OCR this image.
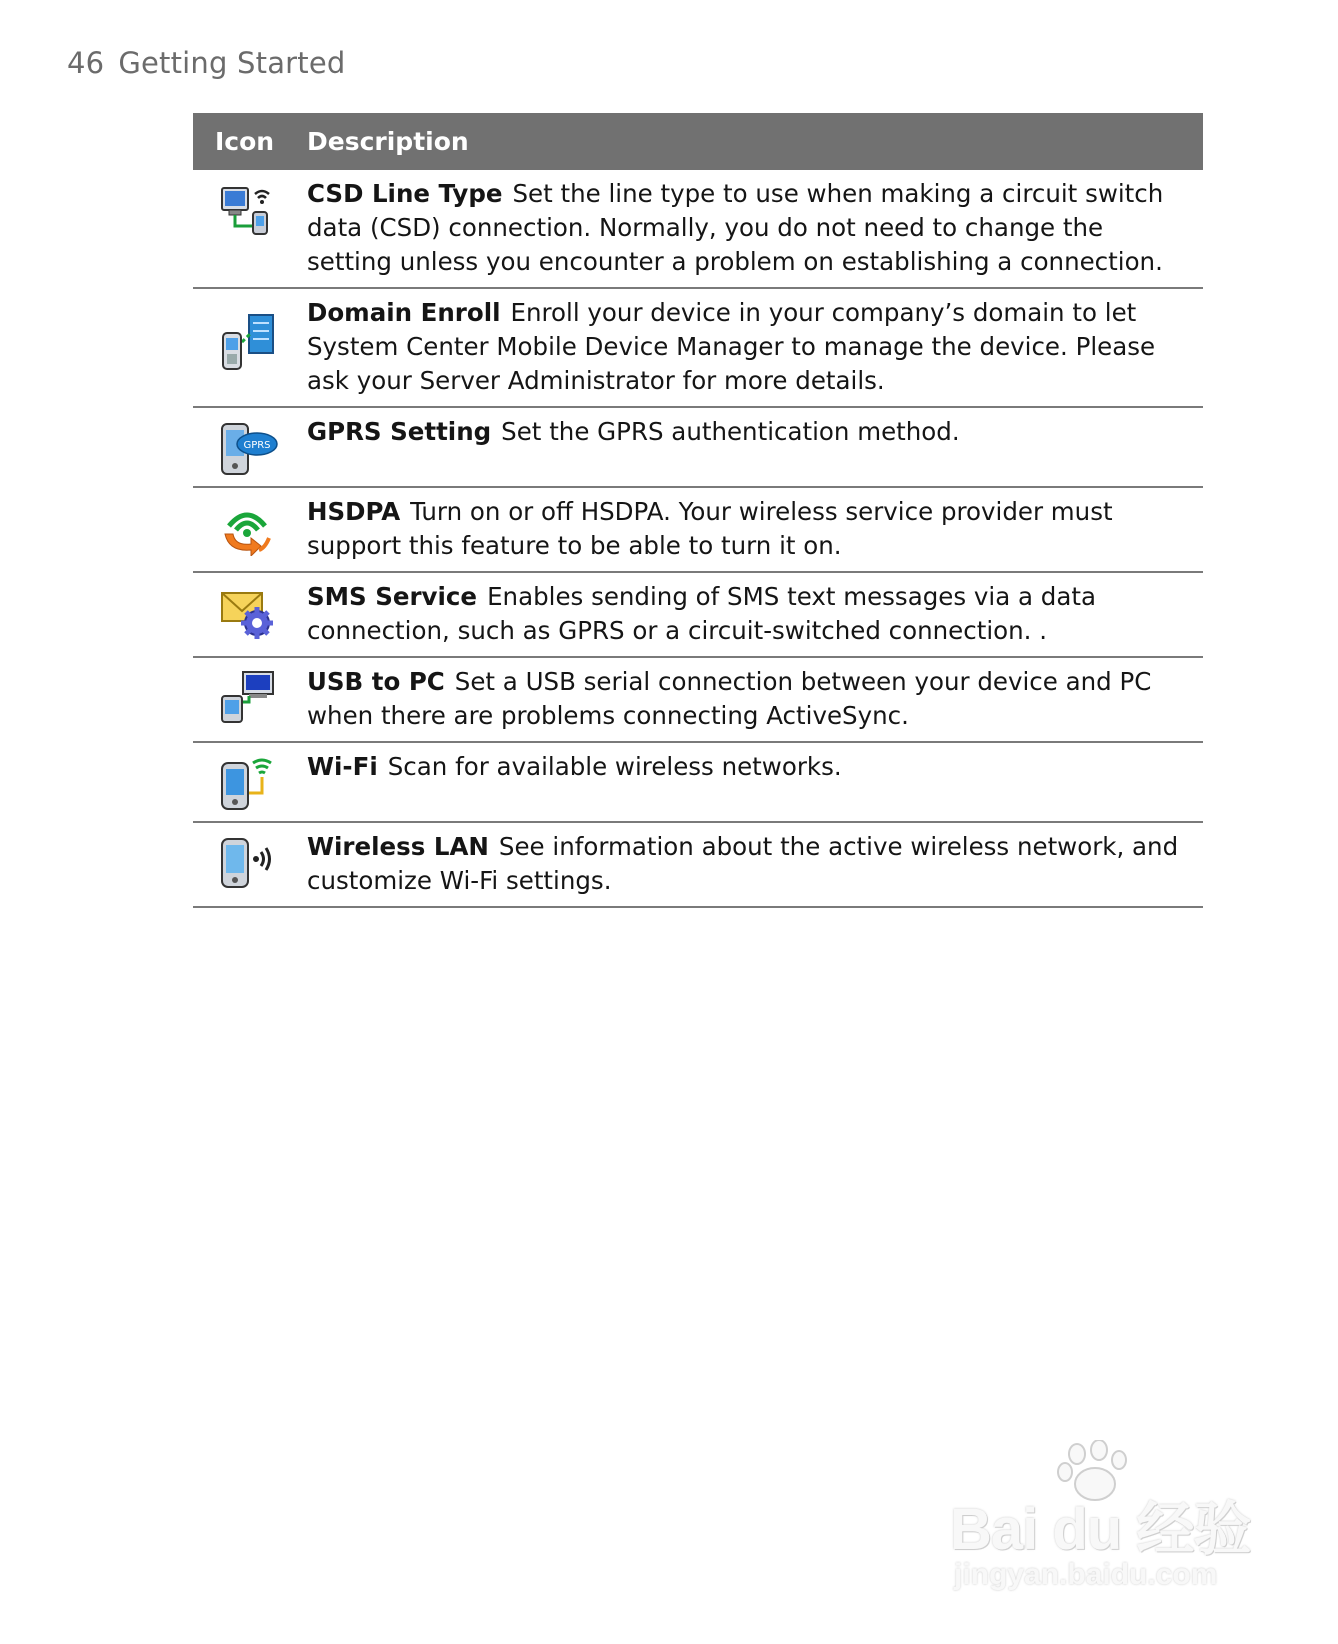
46 Getting Started
Icon	Description

	CSD Line Type Set the line type to use when making a circuit switch data (CSD) connection. Normally, you do not need to change the setting unless you encounter a problem on establishing a connection.

	Domain Enroll Enroll your device in your company’s domain to let System Center Mobile Device Manager to manage the device. Please ask your Server Administrator for more details.

GPRS	GPRS Setting Set the GPRS authentication method.

	HSDPA Turn on or off HSDPA. Your wireless service provider must support this feature to be able to turn it on.

	SMS Service Enables sending of SMS text messages via a data connection, such as GPRS or a circuit-switched connection. .

	USB to PC Set a USB serial connection between your device and PC when there are problems connecting ActiveSync.

	Wi-Fi Scan for available wireless networks.

	Wireless LAN See information about the active wireless network, and customize Wi-Fi settings.
Bai du 经验
jingyan.baidu.com
